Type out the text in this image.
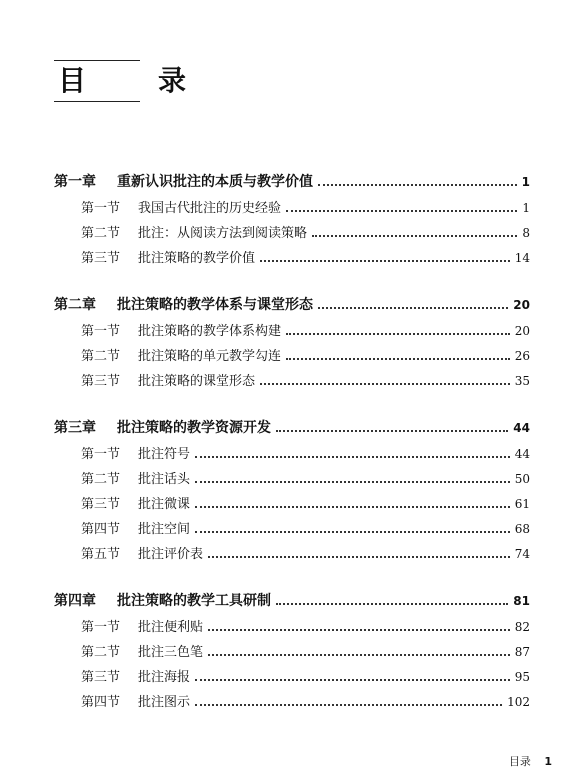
目　录
第一章	重新认识批注的本质与教学价值	1
第一节	我国古代批注的历史经验	1
第二节	批注：从阅读方法到阅读策略	8
第三节	批注策略的教学价值	14
第二章	批注策略的教学体系与课堂形态	20
第一节	批注策略的教学体系构建	20
第二节	批注策略的单元教学勾连	26
第三节	批注策略的课堂形态	35
第三章	批注策略的教学资源开发	44
第一节	批注符号	44
第二节	批注话头	50
第三节	批注微课	61
第四节	批注空间	68
第五节	批注评价表	74
第四章	批注策略的教学工具研制	81
第一节	批注便利贴	82
第二节	批注三色笔	87
第三节	批注海报	95
第四节	批注图示	102
目录 1
